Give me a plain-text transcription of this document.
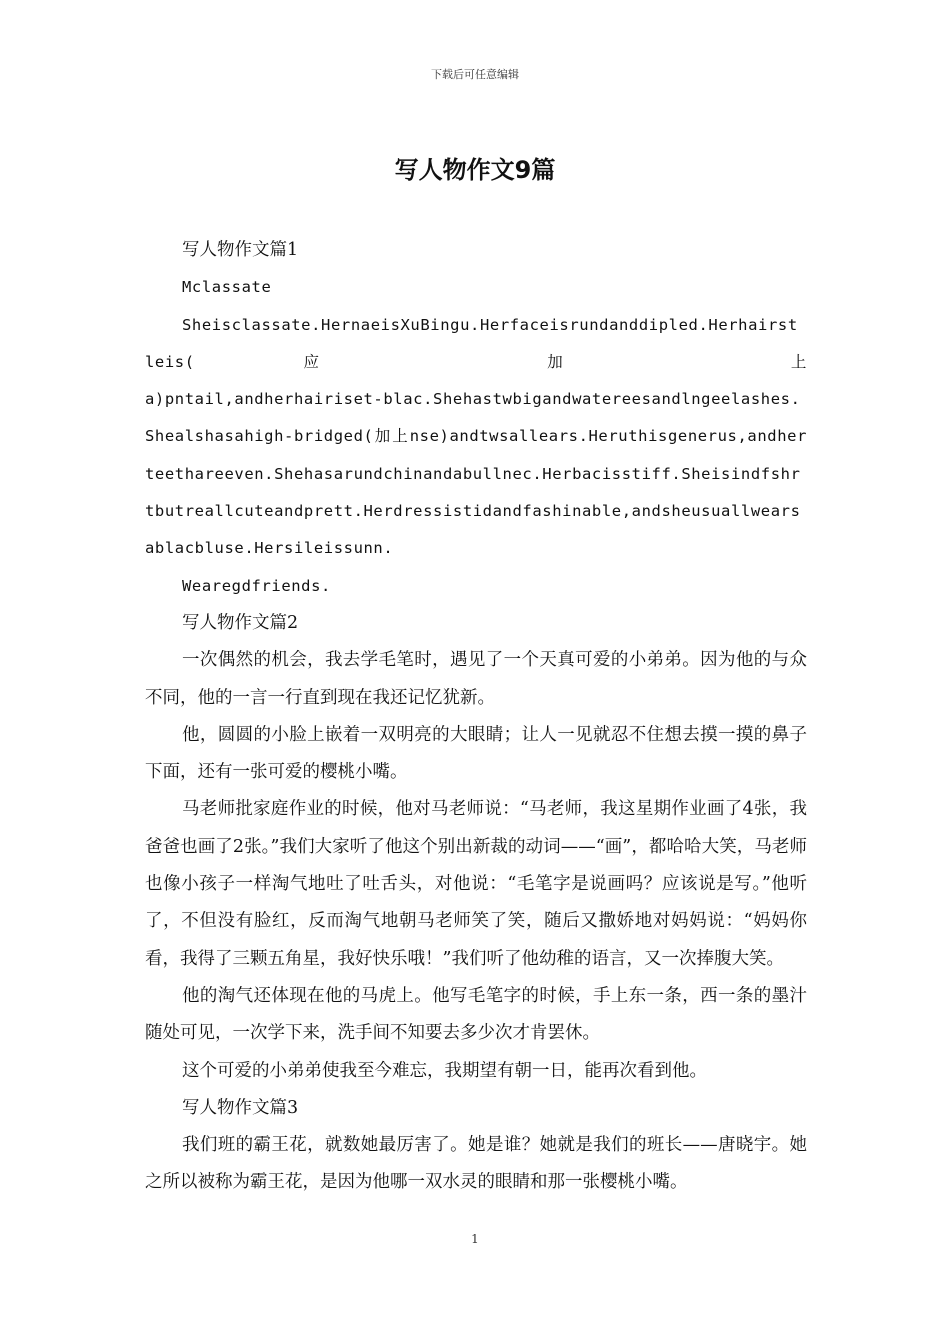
下载后可任意编辑
写人物作文9篇

写人物作文篇1

Mclassate

Sheisclassate.HernaeisXuBingu.Herfaceisrundanddipled.Herhairstleis(应	加	上

a)pntail,andherhairiset-blac.Shehastwbigandwatereesandlngeelashes.Shealshasahigh-bridged(加上nse)andtwsallears.Heruthisgenerus,andherteethareeven.Shehasarundchinandabullnec.Herbacisstiff.Sheisindfshrtbutreallcuteandprett.Herdressistidandfashinable,andsheusuallwearsablacbluse.Hersileissunn.

Wearegdfriends.

写人物作文篇2

一次偶然的机会，我去学毛笔时，遇见了一个天真可爱的小弟弟。因为他的与众不同，他的一言一行直到现在我还记忆犹新。

他，圆圆的小脸上嵌着一双明亮的大眼睛；让人一见就忍不住想去摸一摸的鼻子下面，还有一张可爱的樱桃小嘴。

马老师批家庭作业的时候，他对马老师说：“马老师，我这星期作业画了4张，我爸爸也画了2张。”我们大家听了他这个别出新裁的动词——“画”，都哈哈大笑，马老师也像小孩子一样淘气地吐了吐舌头，对他说：“毛笔字是说画吗？应该说是写。”他听了，不但没有脸红，反而淘气地朝马老师笑了笑，随后又撒娇地对妈妈说：“妈妈你看，我得了三颗五角星，我好快乐哦！”我们听了他幼稚的语言，又一次捧腹大笑。

他的淘气还体现在他的马虎上。他写毛笔字的时候，手上东一条，西一条的墨汁随处可见，一次学下来，洗手间不知要去多少次才肯罢休。

这个可爱的小弟弟使我至今难忘，我期望有朝一日，能再次看到他。

写人物作文篇3

我们班的霸王花，就数她最厉害了。她是谁？她就是我们的班长——唐晓宇。她之所以被称为霸王花，是因为他哪一双水灵的眼睛和那一张樱桃小嘴。

1
